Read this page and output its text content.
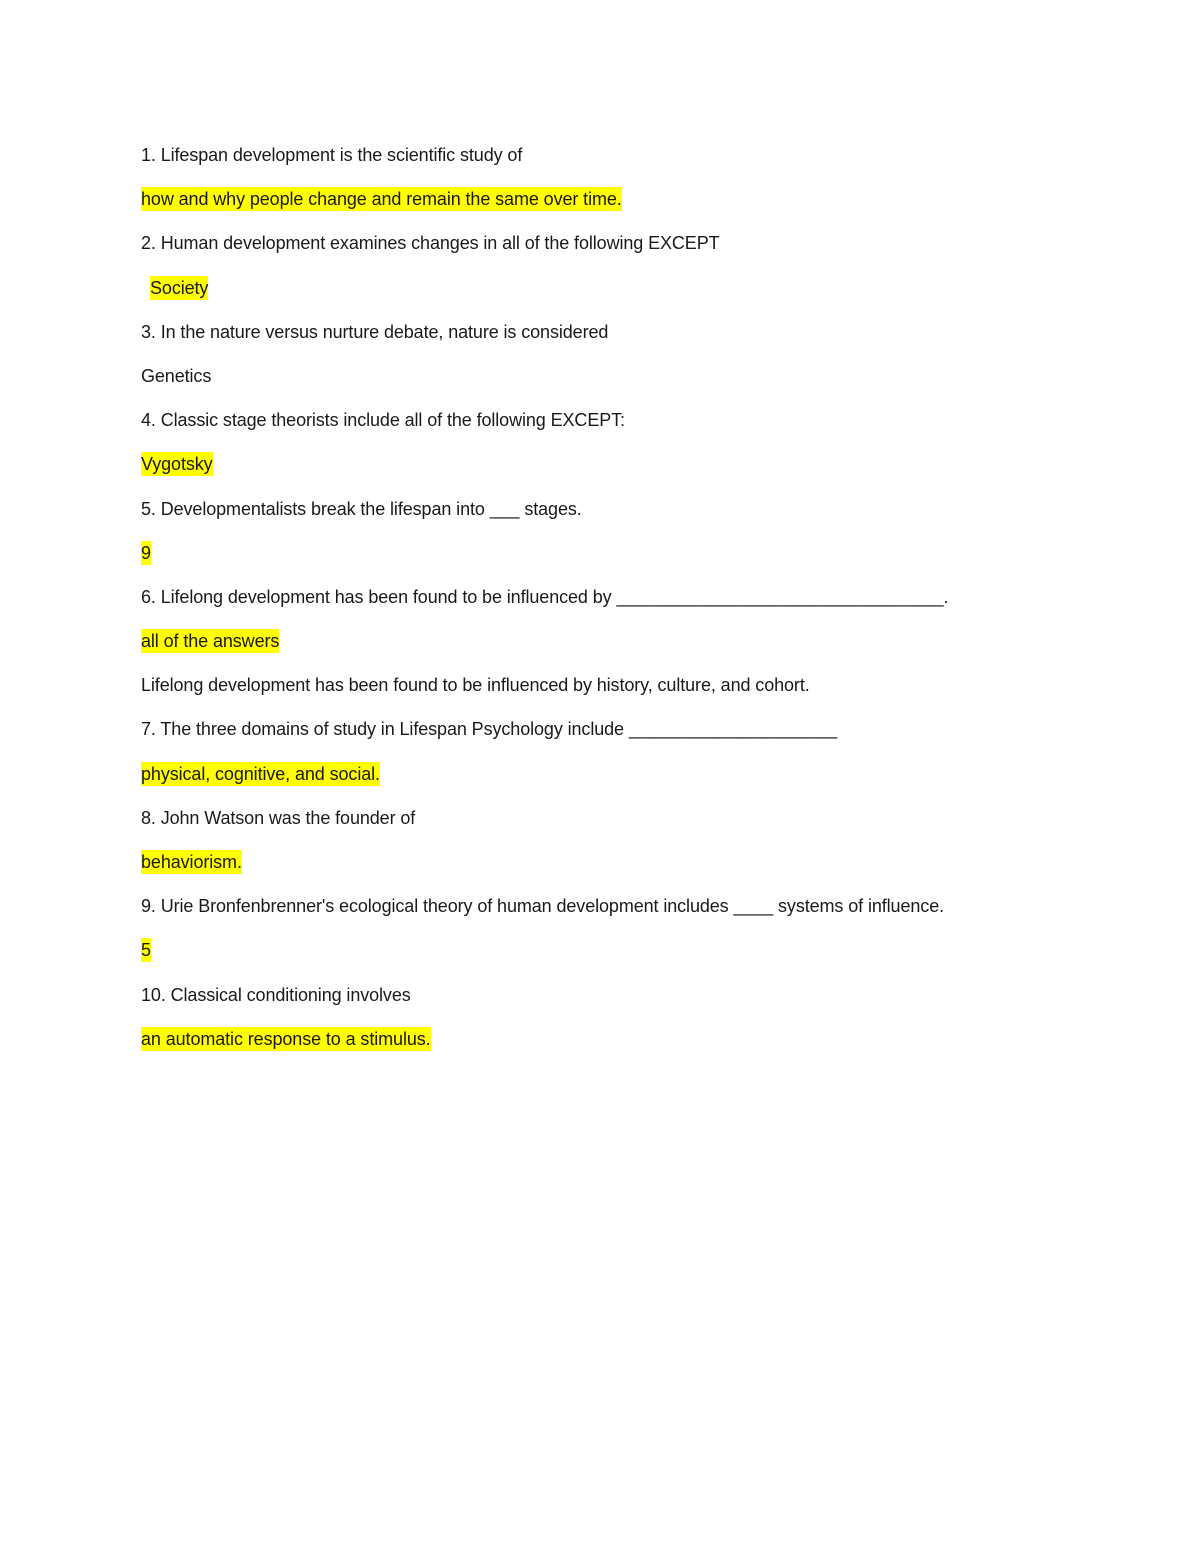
1. Lifespan development is the scientific study of
how and why people change and remain the same over time.
2. Human development examines changes in all of the following EXCEPT
Society
3. In the nature versus nurture debate, nature is considered
Genetics
4. Classic stage theorists include all of the following EXCEPT:
Vygotsky
5. Developmentalists break the lifespan into ___ stages.
9
6. Lifelong development has been found to be influenced by _________________________________.
all of the answers
Lifelong development has been found to be influenced by history, culture, and cohort.
7. The three domains of study in Lifespan Psychology include _____________________
physical, cognitive, and social.
8. John Watson was the founder of
behaviorism.
9. Urie Bronfenbrenner's ecological theory of human development includes ____ systems of influence.
5
10. Classical conditioning involves
an automatic response to a stimulus.
